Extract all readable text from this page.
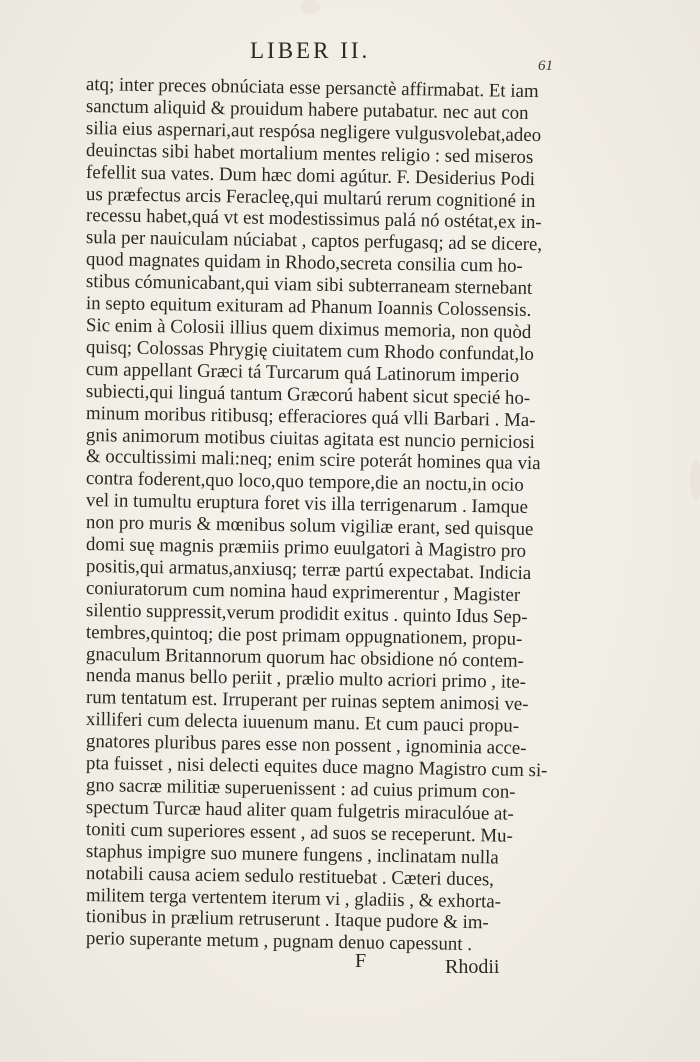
LIBER II.
61
atq; inter preces obnúciata esse persanctè affirmabat. Et iam
sanctum aliquid & prouidum habere putabatur. nec aut con
silia eius aspernari,aut respósa negligere vulgusvolebat,adeo
deuinctas sibi habet mortalium mentes religio : sed miseros
fefellit sua vates. Dum hæc domi agútur. F. Desiderius Podi
us præfectus arcis Feracleę,qui multarú rerum cognitioné in
recessu habet,quá vt est modestissimus palá nó ostétat,ex in-
sula per nauiculam núciabat , captos perfugasq; ad se dicere,
quod magnates quidam in Rhodo,secreta consilia cum ho-
stibus cómunicabant,qui viam sibi subterraneam sternebant
in septo equitum exituram ad Phanum Ioannis Colossensis.
Sic enim à Colosii illius quem diximus memoria, non quòd
quisq; Colossas Phrygię ciuitatem cum Rhodo confundat,lo
cum appellant Græci tá Turcarum quá Latinorum imperio
subiecti,qui linguá tantum Græcorú habent sicut specié ho-
minum moribus ritibusq; efferaciores quá vlli Barbari . Ma-
gnis animorum motibus ciuitas agitata est nuncio perniciosi
& occultissimi mali:neq; enim scire poterát homines qua via
contra foderent,quo loco,quo tempore,die an noctu,in ocio
vel in tumultu eruptura foret vis illa terrigenarum . Iamque
non pro muris & mœnibus solum vigiliæ erant, sed quisque
domi suę magnis præmiis primo euulgatori à Magistro pro
positis,qui armatus,anxiusq; terræ partú expectabat. Indicia
coniuratorum cum nomina haud exprimerentur , Magister
silentio suppressit,verum prodidit exitus . quinto Idus Sep-
tembres,quintoq; die post primam oppugnationem, propu-
gnaculum Britannorum quorum hac obsidione nó contem-
nenda manus bello periit , prælio multo acriori primo , ite-
rum tentatum est. Irruperant per ruinas septem animosi ve-
xilliferi cum delecta iuuenum manu. Et cum pauci propu-
gnatores pluribus pares esse non possent , ignominia acce-
pta fuisset , nisi delecti equites duce magno Magistro cum si-
gno sacræ militiæ superuenissent : ad cuius primum con-
spectum Turcæ haud aliter quam fulgetris miraculóue at-
toniti cum superiores essent , ad suos se receperunt. Mu-
staphus impigre suo munere fungens , inclinatam nulla
notabili causa aciem sedulo restituebat . Cæteri duces,
militem terga vertentem iterum vi , gladiis , & exhorta-
tionibus in prælium retruserunt . Itaque pudore & im-
perio superante metum , pugnam denuo capessunt .
F	Rhodii
